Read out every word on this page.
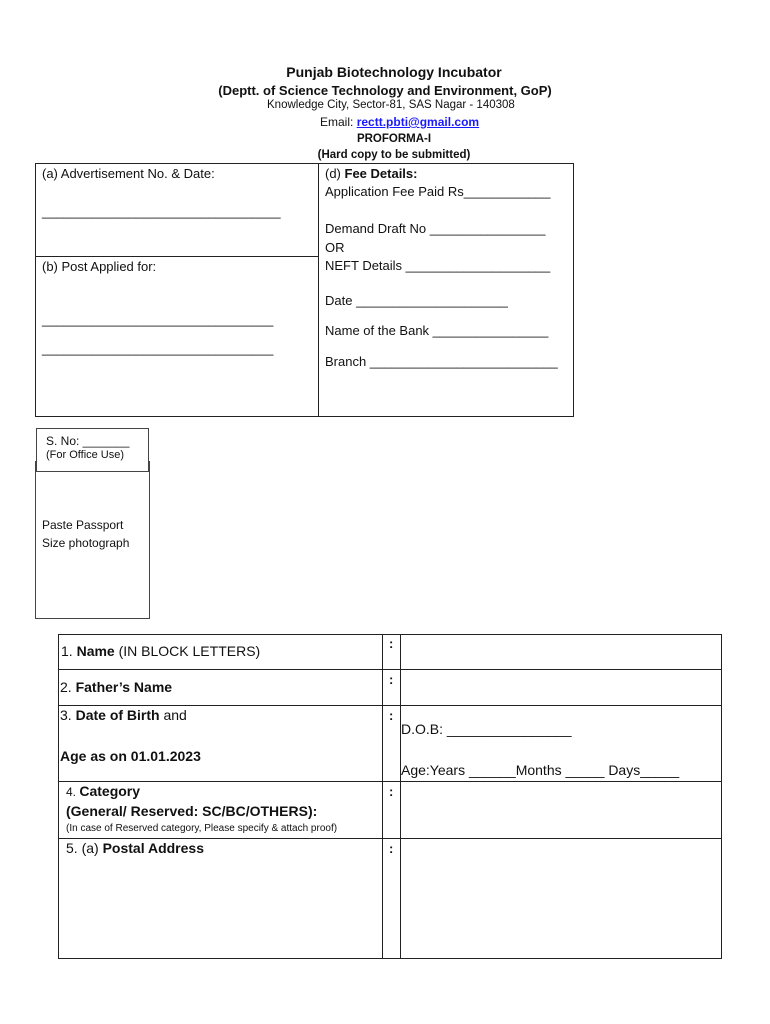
Punjab Biotechnology Incubator
(Deptt. of Science Technology and Environment, GoP)
Knowledge City, Sector-81, SAS Nagar - 140308
Email: rectt.pbti@gmail.com
PROFORMA-I
(Hard copy to be submitted)
(a) Advertisement No. & Date:
_________________________________
(b) Post Applied for:
________________________________
________________________________
(d) Fee Details:
Application Fee Paid Rs____________
Demand Draft No ________________
OR
NEFT Details ____________________
Date _____________________
Name of the Bank ________________
Branch __________________________
Paste Passport
Size photograph
S. No: _______
(For Office Use)
1. Name (IN BLOCK LETTERS)	:
2. Father’s Name	:
3. Date of Birth and
Age as on 01.01.2023
:
D.O.B: ________________
Age:Years ______Months _____ Days_____
4. Category
(General/ Reserved: SC/BC/OTHERS):
(In case of Reserved category, Please specify & attach proof)
:
5. (a) Postal Address	:
